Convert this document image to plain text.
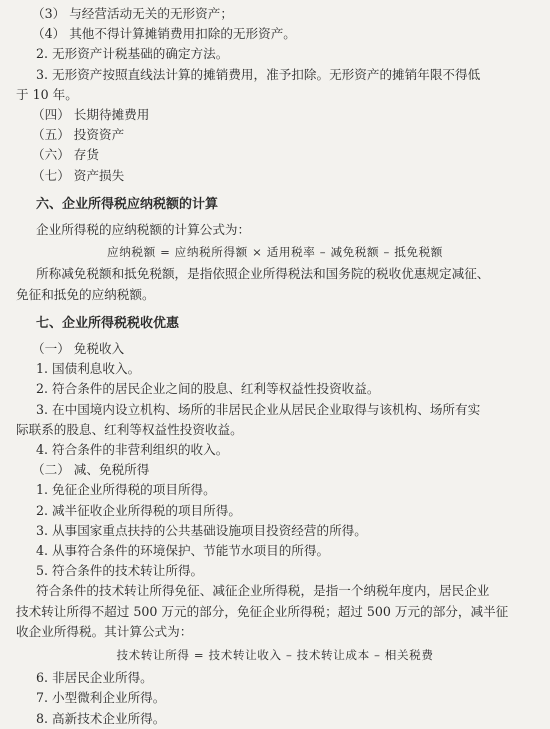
（3） 与经营活动无关的无形资产；
（4） 其他不得计算摊销费用扣除的无形资产。
2. 无形资产计税基础的确定方法。
3. 无形资产按照直线法计算的摊销费用，准予扣除。无形资产的摊销年限不得低
于 10 年。
（四） 长期待摊费用
（五） 投资资产
（六） 存货
（七） 资产损失
六、企业所得税应纳税额的计算
企业所得税的应纳税额的计算公式为：
应纳税额 = 应纳税所得额 × 适用税率 – 减免税额 – 抵免税额
所称减免税额和抵免税额，是指依照企业所得税法和国务院的税收优惠规定减征、
免征和抵免的应纳税额。
七、企业所得税税收优惠
（一） 免税收入
1. 国债利息收入。
2. 符合条件的居民企业之间的股息、红利等权益性投资收益。
3. 在中国境内设立机构、场所的非居民企业从居民企业取得与该机构、场所有实
际联系的股息、红利等权益性投资收益。
4. 符合条件的非营利组织的收入。
（二） 减、免税所得
1. 免征企业所得税的项目所得。
2. 减半征收企业所得税的项目所得。
3. 从事国家重点扶持的公共基础设施项目投资经营的所得。
4. 从事符合条件的环境保护、节能节水项目的所得。
5. 符合条件的技术转让所得。
符合条件的技术转让所得免征、减征企业所得税，是指一个纳税年度内，居民企业
技术转让所得不超过 500 万元的部分，免征企业所得税；超过 500 万元的部分，减半征
收企业所得税。其计算公式为：
技术转让所得 = 技术转让收入 – 技术转让成本 – 相关税费
6. 非居民企业所得。
7. 小型微利企业所得。
8. 高新技术企业所得。
